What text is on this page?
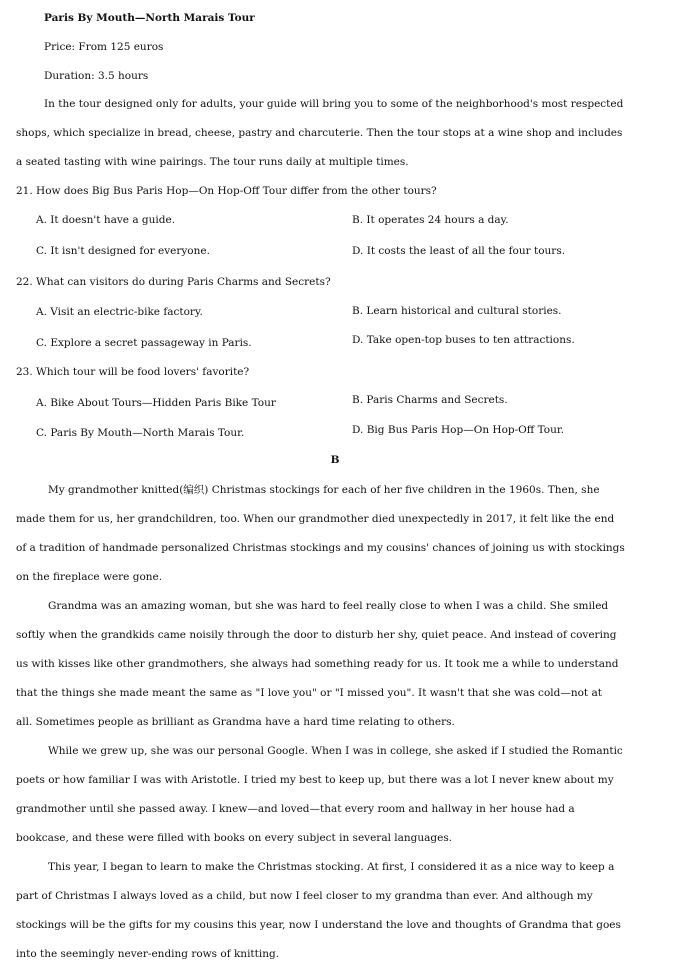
Paris By Mouth—North Marais Tour
Price: From 125 euros
Duration: 3.5 hours
In the tour designed only for adults, your guide will bring you to some of the neighborhood's most respected
shops, which specialize in bread, cheese, pastry and charcuterie. Then the tour stops at a wine shop and includes
a seated tasting with wine pairings. The tour runs daily at multiple times.
21. How does Big Bus Paris Hop—On Hop-Off Tour differ from the other tours?
A. It doesn't have a guide.	B. It operates 24 hours a day.
C. It isn't designed for everyone.	D. It costs the least of all the four tours.
22. What can visitors do during Paris Charms and Secrets?
A. Visit an electric-bike factory.	B. Learn historical and cultural stories.
C. Explore a secret passageway in Paris.	D. Take open-top buses to ten attractions.
23. Which tour will be food lovers' favorite?
A. Bike About Tours—Hidden Paris Bike Tour	B. Paris Charms and Secrets.
C. Paris By Mouth—North Marais Tour.	D. Big Bus Paris Hop—On Hop-Off Tour.
B
My grandmother knitted(编织) Christmas stockings for each of her five children in the 1960s. Then, she
made them for us, her grandchildren, too. When our grandmother died unexpectedly in 2017, it felt like the end
of a tradition of handmade personalized Christmas stockings and my cousins' chances of joining us with stockings
on the fireplace were gone.
Grandma was an amazing woman, but she was hard to feel really close to when I was a child. She smiled
softly when the grandkids came noisily through the door to disturb her shy, quiet peace. And instead of covering
us with kisses like other grandmothers, she always had something ready for us. It took me a while to understand
that the things she made meant the same as "I love you" or "I missed you". It wasn't that she was cold—not at
all. Sometimes people as brilliant as Grandma have a hard time relating to others.
While we grew up, she was our personal Google. When I was in college, she asked if I studied the Romantic
poets or how familiar I was with Aristotle. I tried my best to keep up, but there was a lot I never knew about my
grandmother until she passed away. I knew—and loved—that every room and hallway in her house had a
bookcase, and these were filled with books on every subject in several languages.
This year, I began to learn to make the Christmas stocking. At first, I considered it as a nice way to keep a
part of Christmas I always loved as a child, but now I feel closer to my grandma than ever. And although my
stockings will be the gifts for my cousins this year, now I understand the love and thoughts of Grandma that goes
into the seemingly never-ending rows of knitting.
